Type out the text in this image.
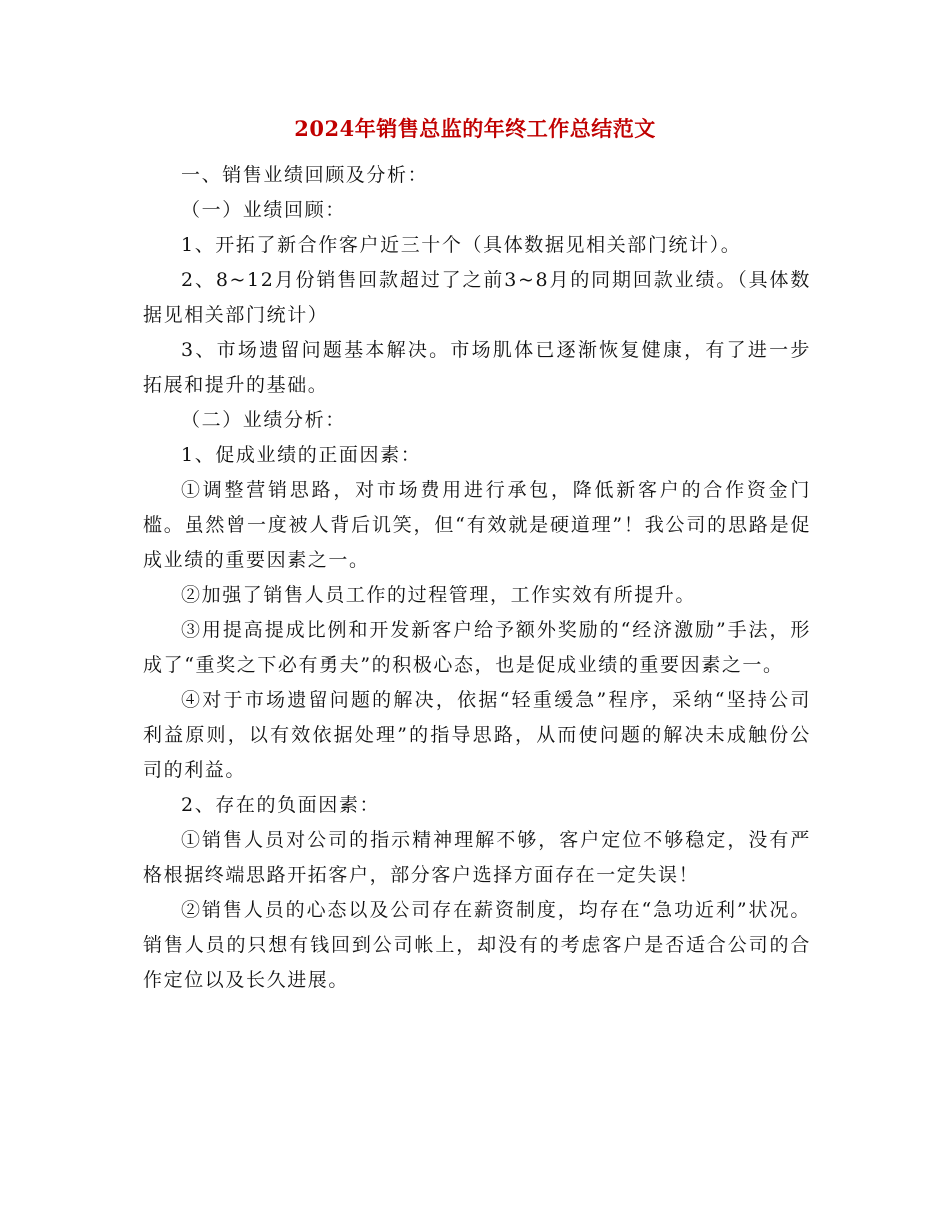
2024年销售总监的年终工作总结范文

一、销售业绩回顾及分析：

（一）业绩回顾：

1、开拓了新合作客户近三十个（具体数据见相关部门统计）。

2、8~12月份销售回款超过了之前3~8月的同期回款业绩。（具体数据见相关部门统计）

3、市场遗留问题基本解决。市场肌体已逐渐恢复健康，有了进一步拓展和提升的基础。

（二）业绩分析：

1、促成业绩的正面因素：

①调整营销思路，对市场费用进行承包，降低新客户的合作资金门槛。虽然曾一度被人背后讥笑，但“有效就是硬道理”！我公司的思路是促成业绩的重要因素之一。

②加强了销售人员工作的过程管理，工作实效有所提升。

③用提高提成比例和开发新客户给予额外奖励的“经济激励”手法，形成了“重奖之下必有勇夫”的积极心态，也是促成业绩的重要因素之一。

④对于市场遗留问题的解决，依据“轻重缓急”程序，采纳“坚持公司利益原则，以有效依据处理”的指导思路，从而使问题的解决未成触份公司的利益。

2、存在的负面因素：

①销售人员对公司的指示精神理解不够，客户定位不够稳定，没有严格根据终端思路开拓客户，部分客户选择方面存在一定失误！

②销售人员的心态以及公司存在薪资制度，均存在“急功近利”状况。销售人员的只想有钱回到公司帐上，却没有的考虑客户是否适合公司的合作定位以及长久进展。
